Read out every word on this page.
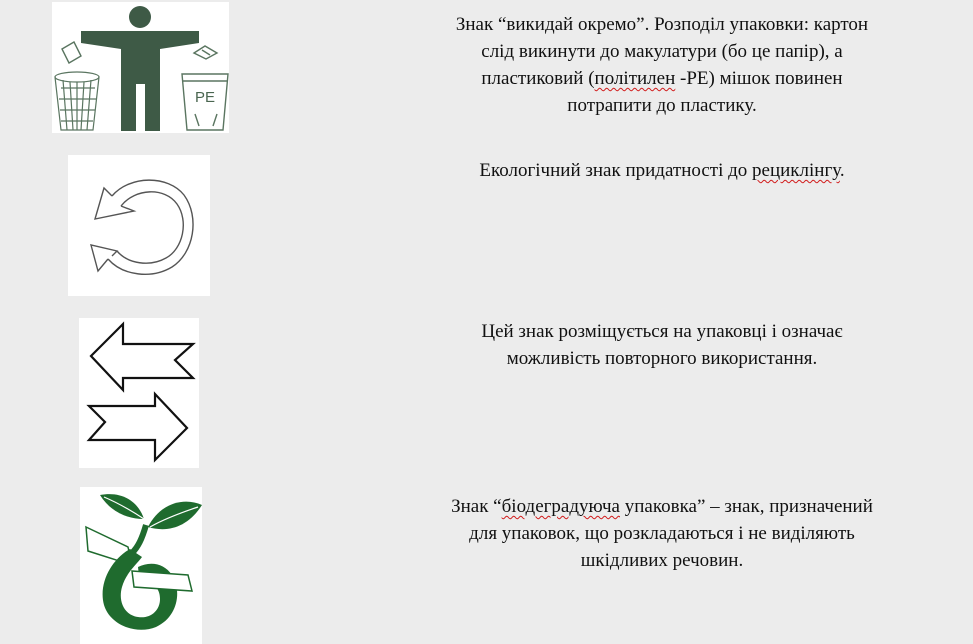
PE
Знак “викидай окремо”. Розподіл упаковки: картон
слід викинути до макулатури (бо це папір), а
пластиковий (політилен -PE) мішок повинен
потрапити до пластику.
Екологічний знак придатності до рециклінгу.
Цей знак розміщується на упаковці і означає
можливість повторного використання.
Знак “біодеградуюча упаковка” – знак, призначений
для упаковок, що розкладаються і не виділяють
шкідливих речовин.
